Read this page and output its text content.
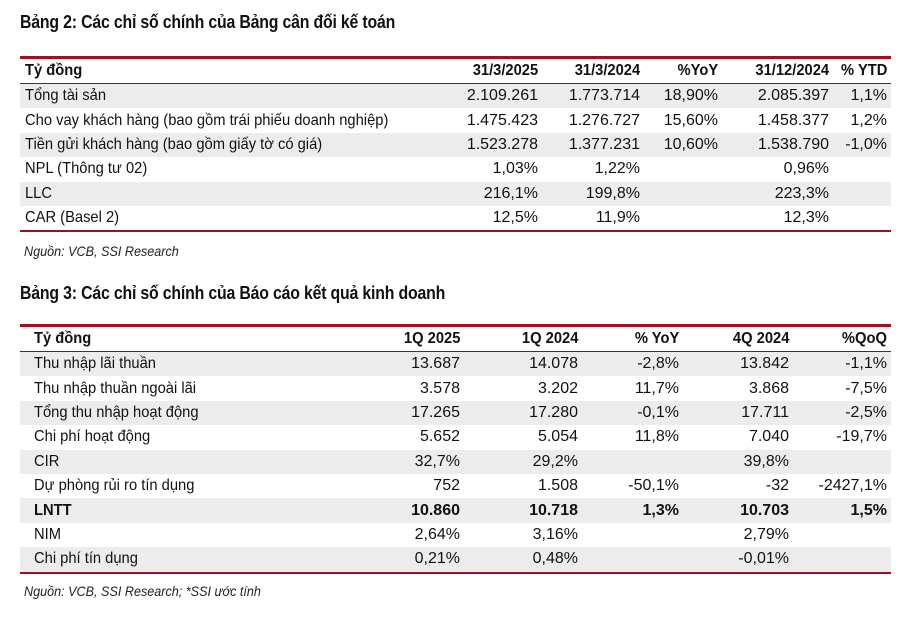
Bảng 2: Các chỉ số chính của Bảng cân đối kế toán
Tỷ đồng	31/3/2025	31/3/2024	%YoY	31/12/2024	% YTD
Tổng tài sản	2.109.261	1.773.714	18,90%	2.085.397	1,1%
Cho vay khách hàng (bao gồm trái phiếu doanh nghiệp)	1.475.423	1.276.727	15,60%	1.458.377	1,2%
Tiền gửi khách hàng (bao gồm giấy tờ có giá)	1.523.278	1.377.231	10,60%	1.538.790	-1,0%
NPL (Thông tư 02)	1,03%	1,22%		0,96%	
LLC	216,1%	199,8%		223,3%	
CAR (Basel 2)	12,5%	11,9%		12,3%	
Nguồn: VCB, SSI Research
Bảng 3: Các chỉ số chính của Báo cáo kết quả kinh doanh
Tỷ đồng	1Q 2025	1Q 2024	% YoY	4Q 2024	%QoQ
Thu nhập lãi thuần	13.687	14.078	-2,8%	13.842	-1,1%
Thu nhập thuần ngoài lãi	3.578	3.202	11,7%	3.868	-7,5%
Tổng thu nhập hoạt động	17.265	17.280	-0,1%	17.711	-2,5%
Chi phí hoạt động	5.652	5.054	11,8%	7.040	-19,7%
CIR	32,7%	29,2%		39,8%	
Dự phòng rủi ro tín dụng	752	1.508	-50,1%	-32	-2427,1%
LNTT	10.860	10.718	1,3%	10.703	1,5%
NIM	2,64%	3,16%		2,79%	
Chi phí tín dụng	0,21%	0,48%		-0,01%	
Nguồn: VCB, SSI Research; *SSI ước tính
